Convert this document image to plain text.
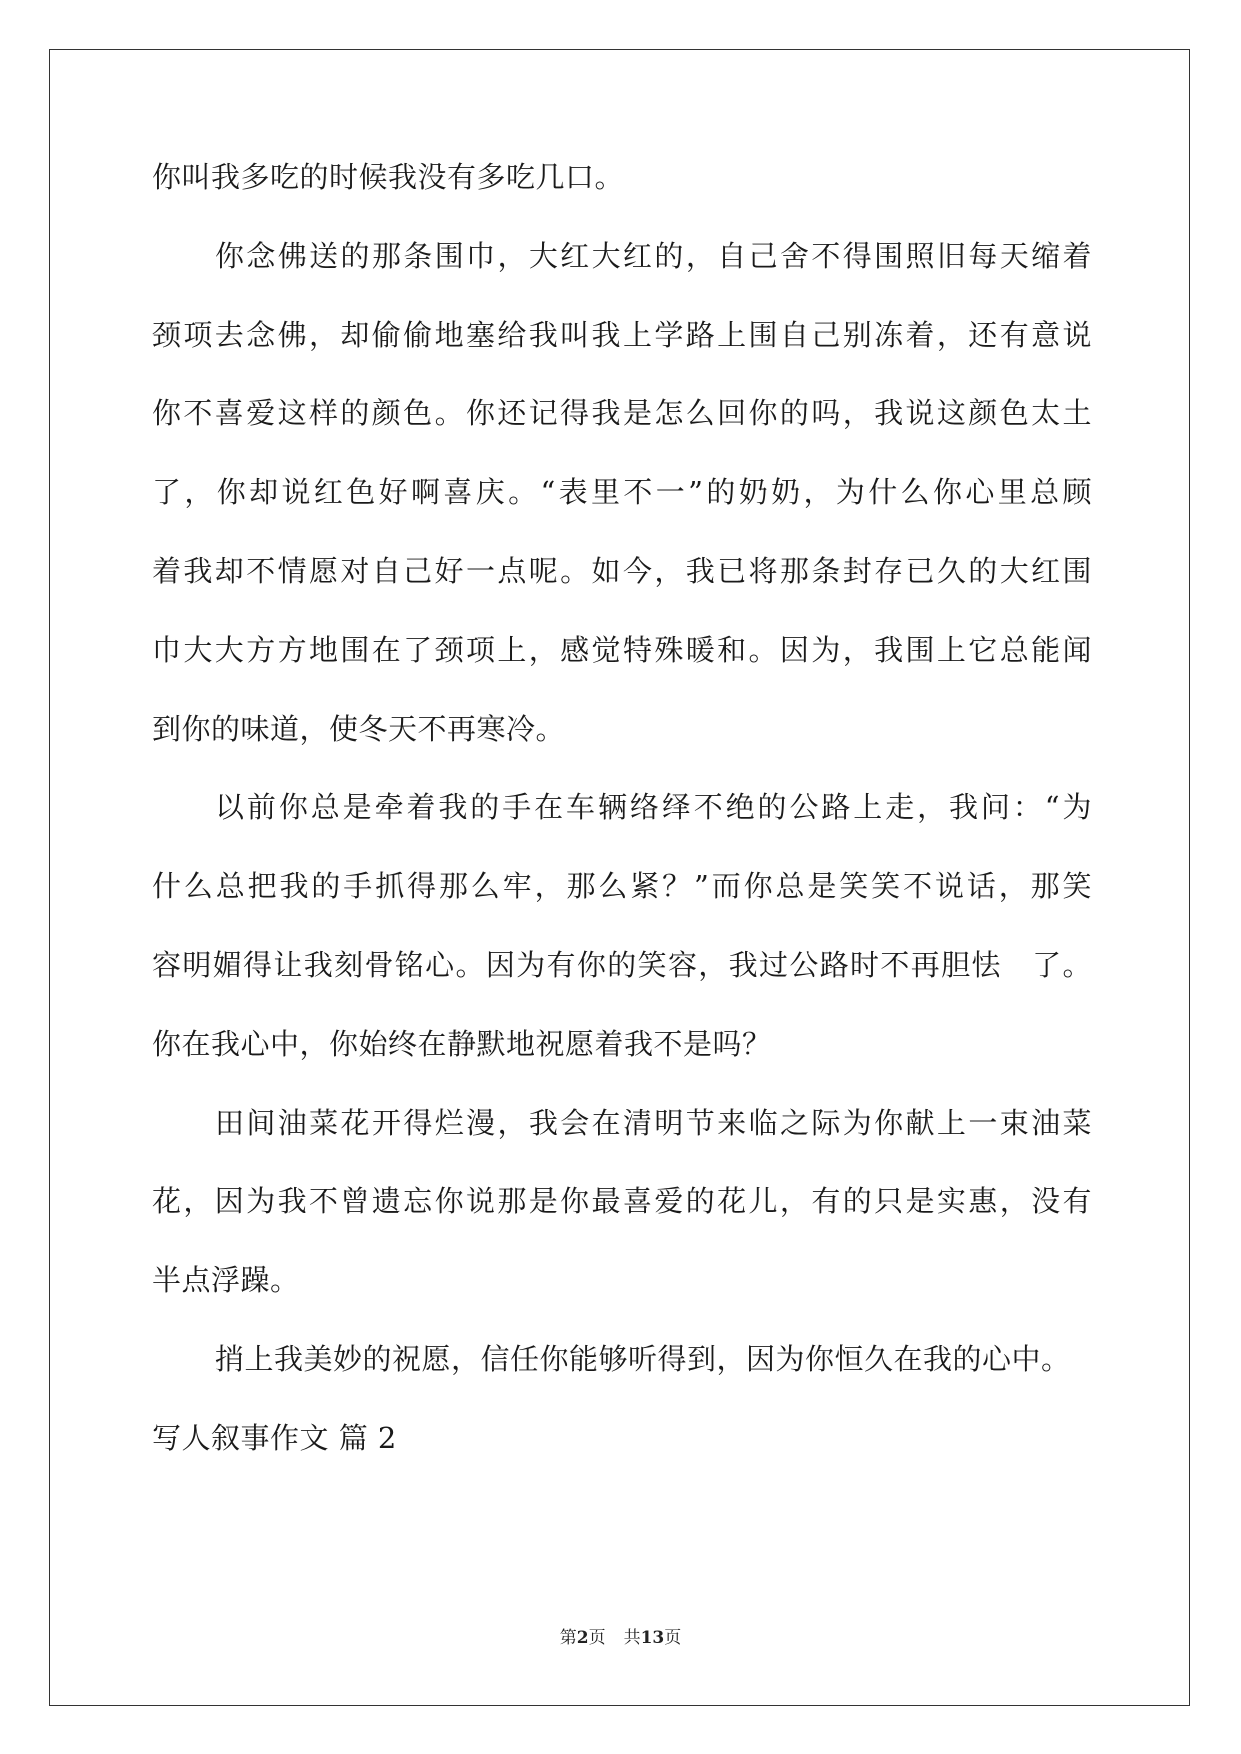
你叫我多吃的时候我没有多吃几口。
你念佛送的那条围巾，大红大红的，自己舍不得围照旧每天缩着
颈项去念佛，却偷偷地塞给我叫我上学路上围自己别冻着，还有意说
你不喜爱这样的颜色。你还记得我是怎么回你的吗，我说这颜色太土
了，你却说红色好啊喜庆。“表里不一”的奶奶，为什么你心里总顾
着我却不情愿对自己好一点呢。如今，我已将那条封存已久的大红围
巾大大方方地围在了颈项上，感觉特殊暖和。因为，我围上它总能闻
到你的味道，使冬天不再寒冷。
以前你总是牵着我的手在车辆络绎不绝的公路上走，我问：“为
什么总把我的手抓得那么牢，那么紧？”而你总是笑笑不说话，那笑
容明媚得让我刻骨铭心。因为有你的笑容，我过公路时不再胆怯　了。
你在我心中，你始终在静默地祝愿着我不是吗？
田间油菜花开得烂漫，我会在清明节来临之际为你献上一束油菜
花，因为我不曾遗忘你说那是你最喜爱的花儿，有的只是实惠，没有
半点浮躁。
捎上我美妙的祝愿，信任你能够听得到，因为你恒久在我的心中。
写人叙事作文 篇 2
第2页 共13页
